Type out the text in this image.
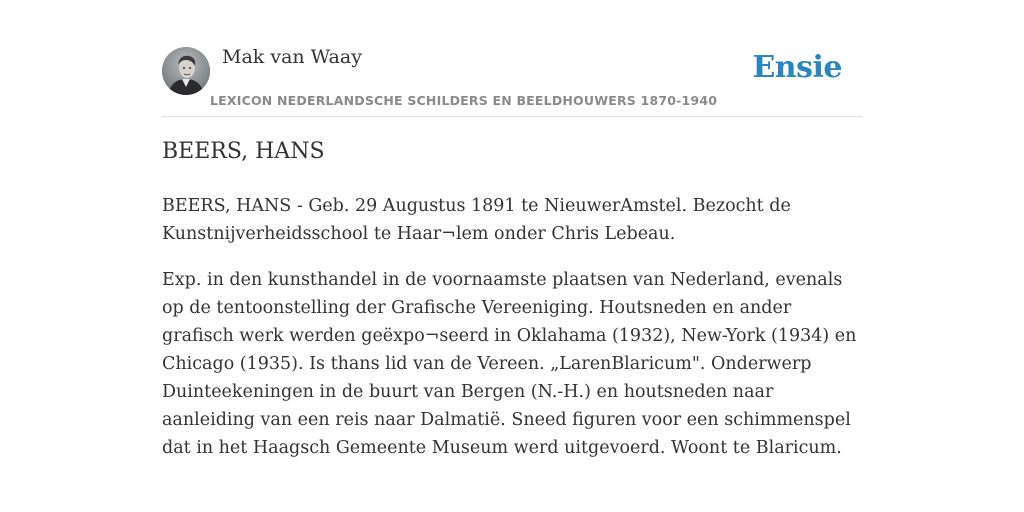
Mak van Waay
LEXICON NEDERLANDSCHE SCHILDERS EN BEELDHOUWERS 1870-1940
Ensie
BEERS, HANS

BEERS, HANS - Geb. 29 Augustus 1891 te NieuwerAmstel. Bezocht de Kunstnijverheidsschool te Haar¬lem onder Chris Lebeau.

Exp. in den kunsthandel in de voornaamste plaatsen van Nederland, evenals op de tentoonstelling der Grafische Vereeniging. Houtsneden en ander grafisch werk werden geëxpo¬seerd in Oklahama (1932), New-York (1934) en Chicago (1935). Is thans lid van de Vereen. „LarenBlaricum". Onderwerp Duinteekeningen in de buurt van Bergen (N.-H.) en houtsneden naar aanleiding van een reis naar Dalmatië. Sneed figuren voor een schimmenspel dat in het Haagsch Gemeente Museum werd uitgevoerd. Woont te Blaricum.
